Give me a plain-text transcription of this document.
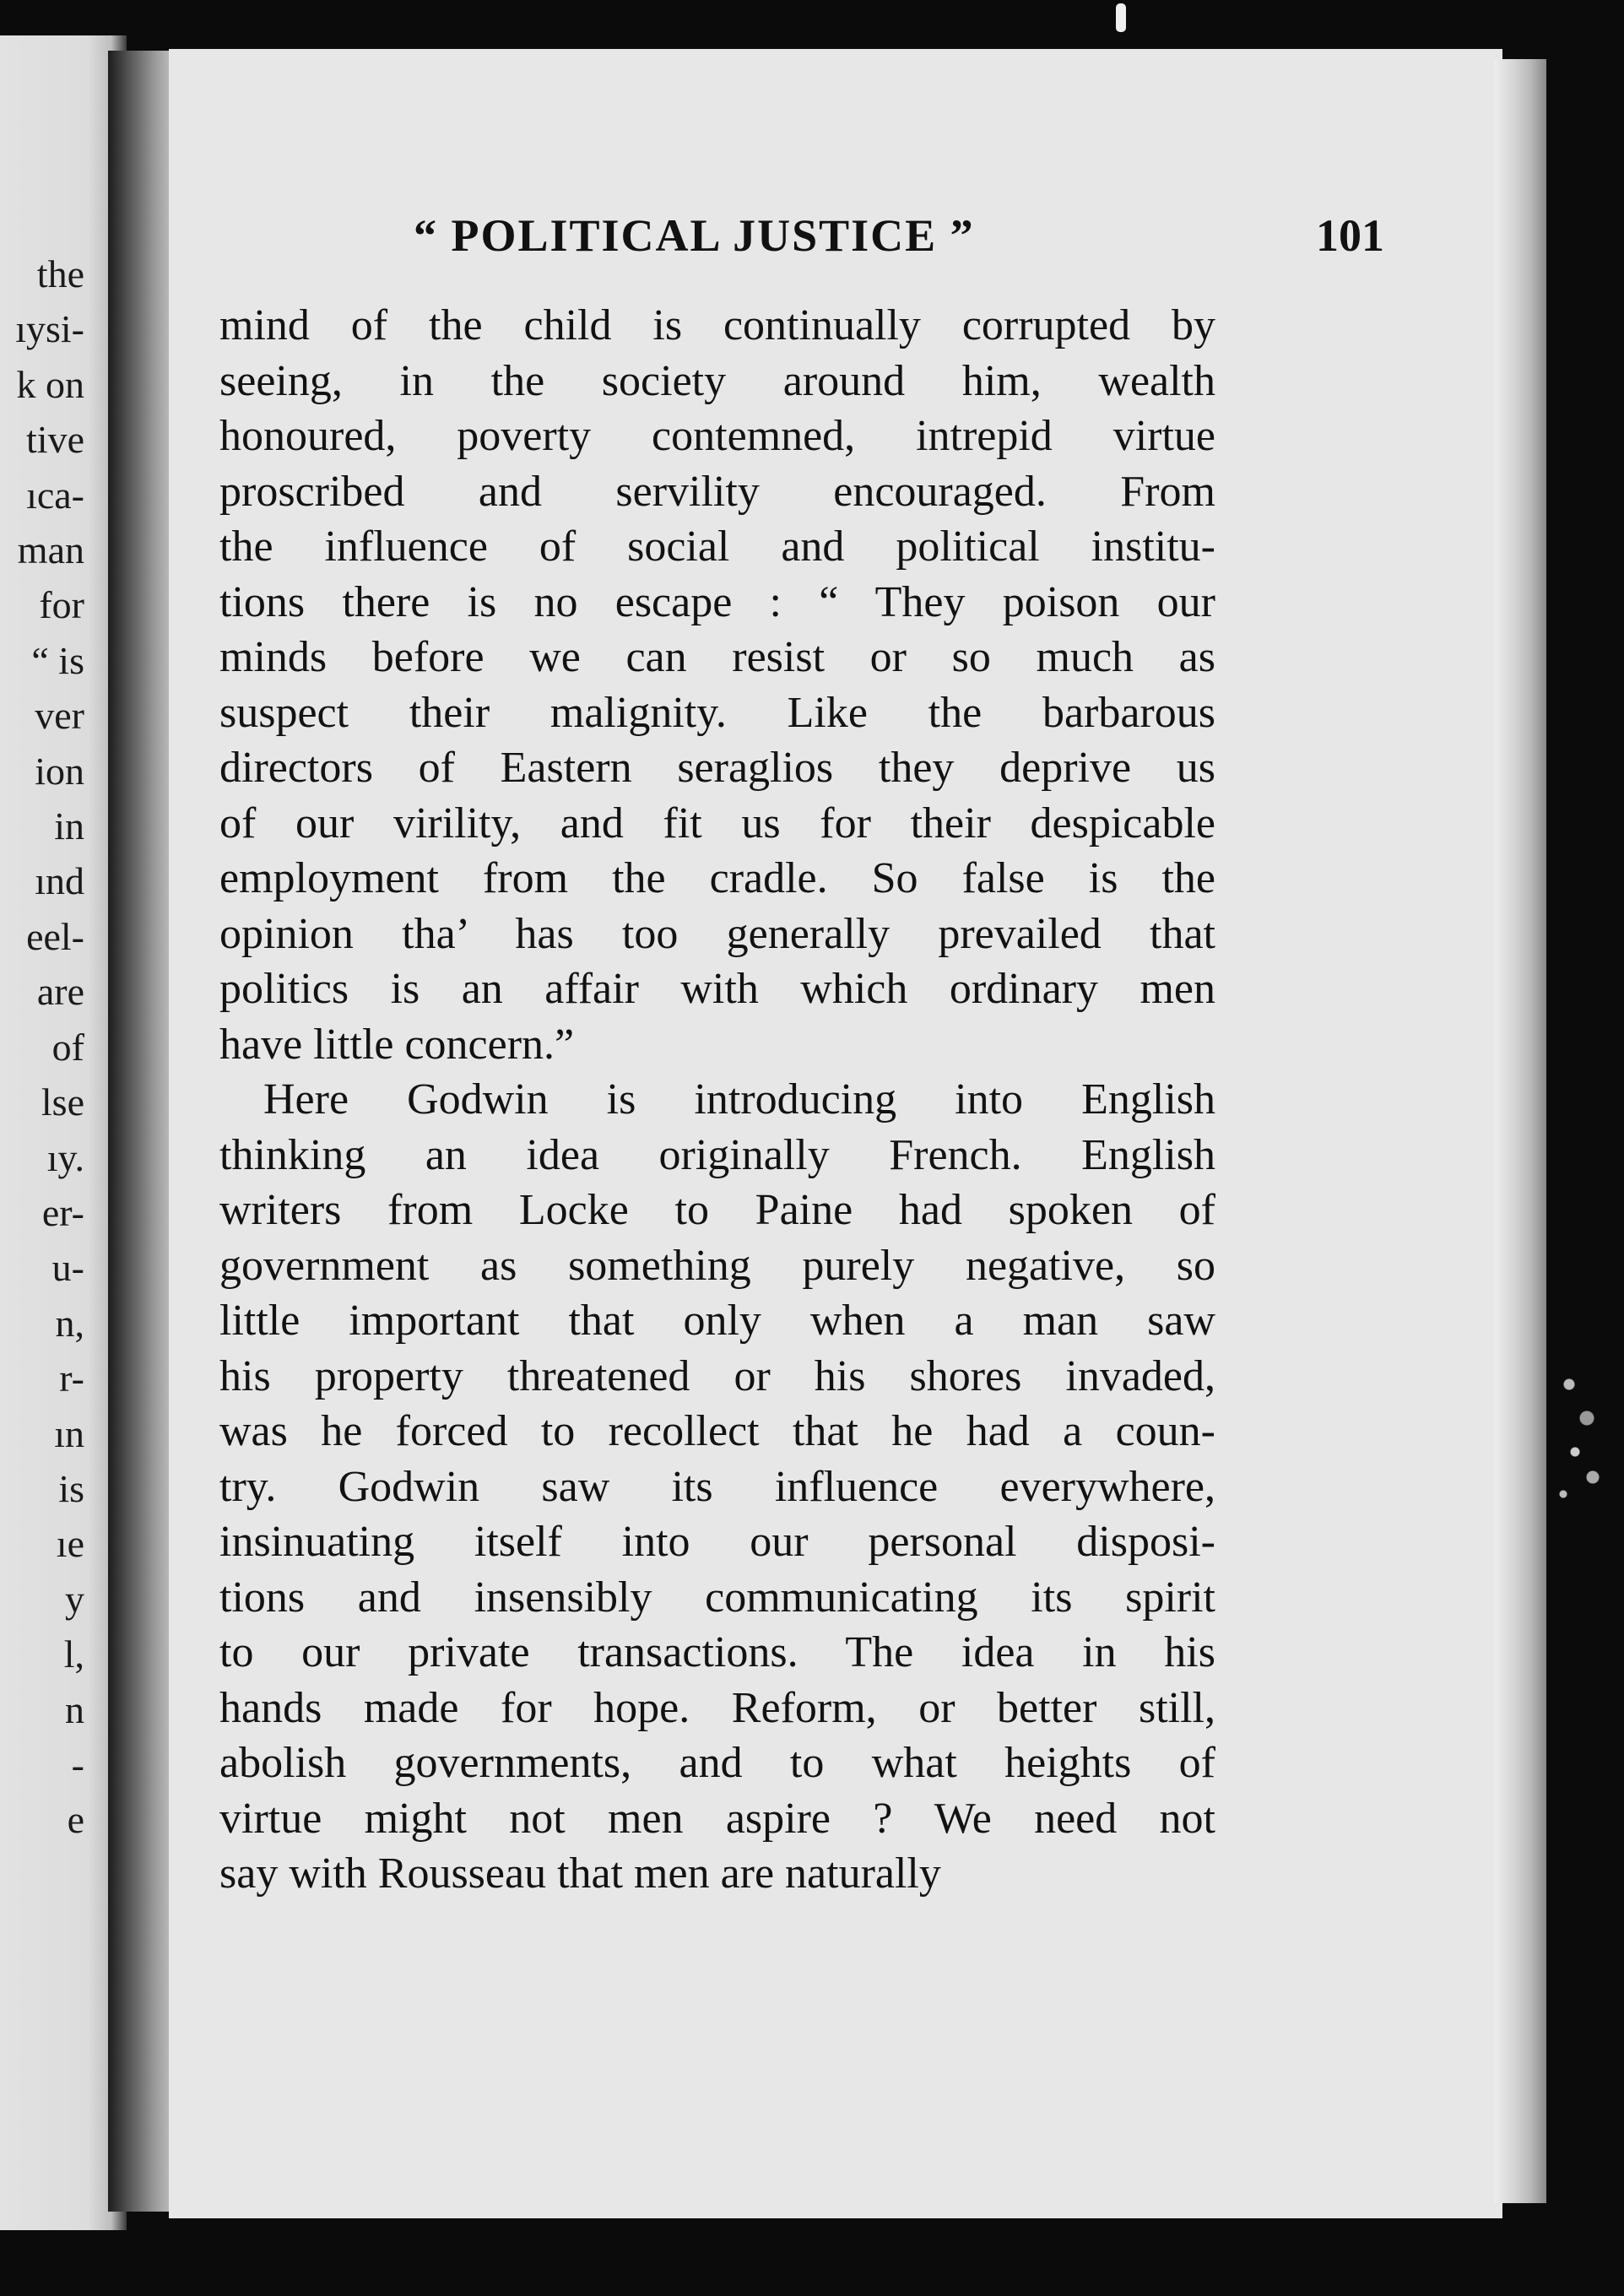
the
ıysi-
k on
tive
ıca-
man
for
“ is
ver
ion
in
ınd
eel-
are
of
lse
ıy.
er-
u-
n,
r-
ın
is
ıe
y
l,
n
-
e
“ POLITICAL JUSTICE ”	101
mind of the child is continually corrupted by
seeing, in the society around him, wealth
honoured, poverty contemned, intrepid virtue
proscribed and servility encouraged. From
the influence of social and political institu-
tions there is no escape : “ They poison our
minds before we can resist or so much as
suspect their malignity. Like the barbarous
directors of Eastern seraglios they deprive us
of our virility, and fit us for their despicable
employment from the cradle. So false is the
opinion tha’ has too generally prevailed that
politics is an affair with which ordinary men
have little concern.”
Here Godwin is introducing into English
thinking an idea originally French. English
writers from Locke to Paine had spoken of
government as something purely negative, so
little important that only when a man saw
his property threatened or his shores invaded,
was he forced to recollect that he had a coun-
try. Godwin saw its influence everywhere,
insinuating itself into our personal disposi-
tions and insensibly communicating its spirit
to our private transactions. The idea in his
hands made for hope. Reform, or better still,
abolish governments, and to what heights of
virtue might not men aspire ? We need not
say with Rousseau that men are naturally
